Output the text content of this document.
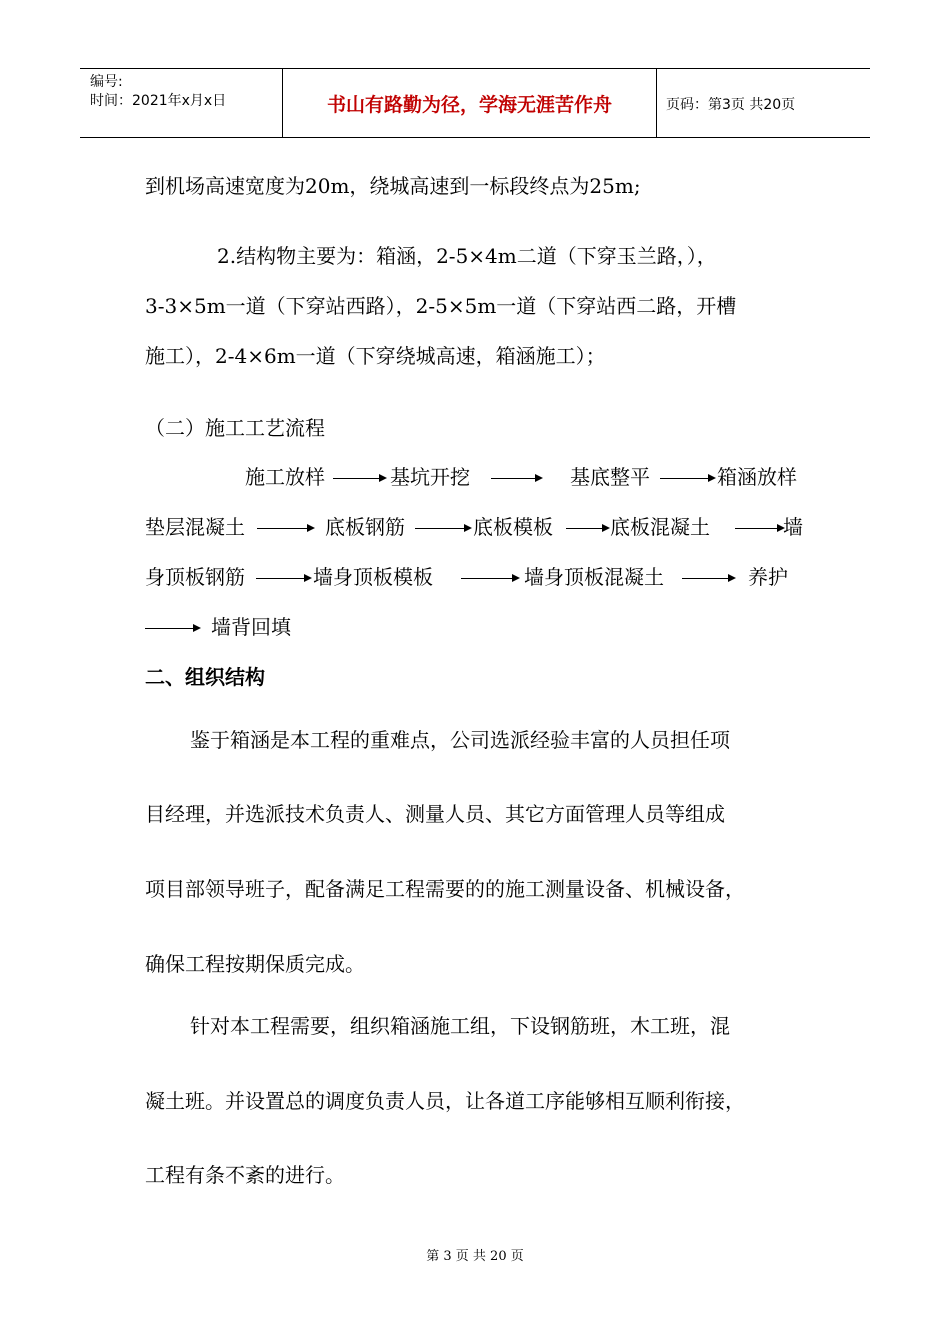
编号:
时间：2021年x月x日	书山有路勤为径，学海无涯苦作舟	页码：第3页 共20页
到机场高速宽度为20m，绕城高速到一标段终点为25m;
2.结构物主要为：箱涵，2-5×4m二道（下穿玉兰路，），
3-3×5m一道（下穿站西路），2-5×5m一道（下穿站西二路，开槽
施工），2-4×6m一道（下穿绕城高速，箱涵施工）；
（二）施工工艺流程
施工放样	基坑开挖	基底整平	箱涵放样
垫层混凝土	底板钢筋	底板模板	底板混凝土	墙
身顶板钢筋	墙身顶板模板	墙身顶板混凝土	养护
墙背回填
二、组织结构
鉴于箱涵是本工程的重难点，公司选派经验丰富的人员担任项
目经理，并选派技术负责人、测量人员、其它方面管理人员等组成
项目部领导班子，配备满足工程需要的的施工测量设备、机械设备，
确保工程按期保质完成。
针对本工程需要，组织箱涵施工组，下设钢筋班，木工班，混
凝土班。并设置总的调度负责人员，让各道工序能够相互顺利衔接，
工程有条不紊的进行。
第 3 页 共 20 页
